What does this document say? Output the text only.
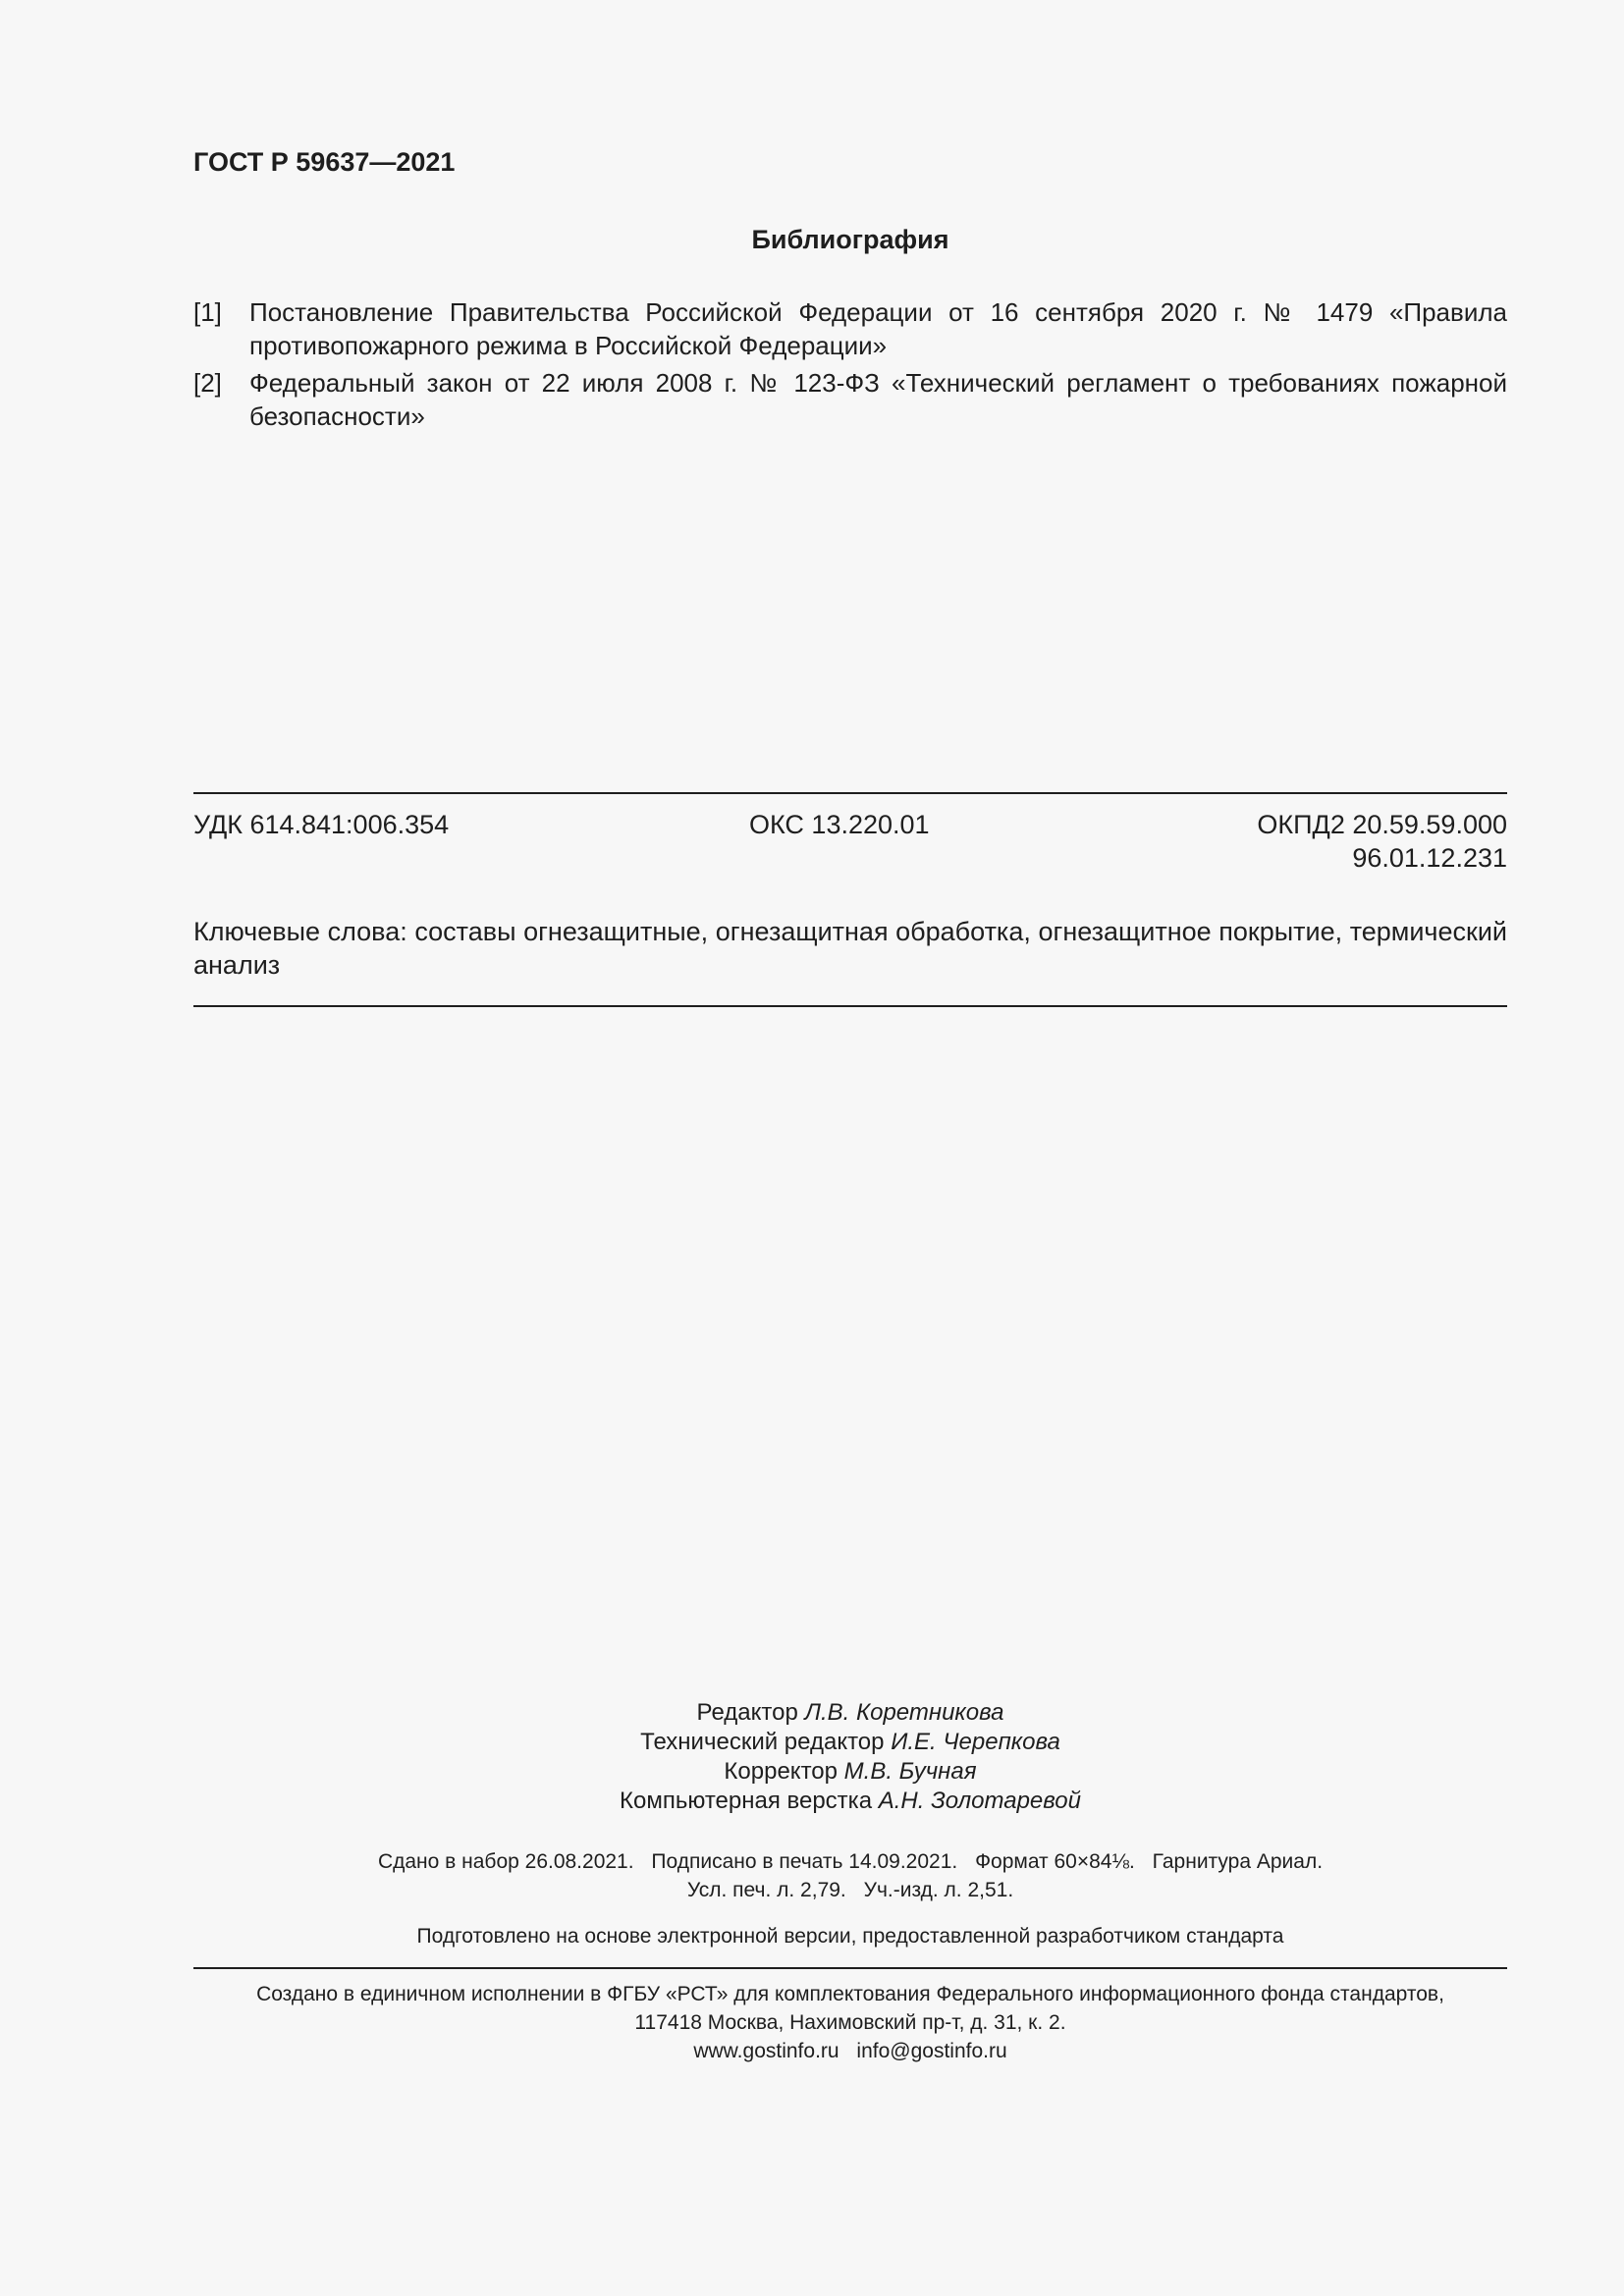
ГОСТ Р 59637—2021
Библиография
[1] Постановление Правительства Российской Федерации от 16 сентября 2020 г. № 1479 «Правила противопожарного режима в Российской Федерации»
[2] Федеральный закон от 22 июля 2008 г. № 123-ФЗ «Технический регламент о требованиях пожарной безопасности»
УДК 614.841:006.354	ОКС 13.220.01	ОКПД2 20.59.59.000
96.01.12.231
Ключевые слова: составы огнезащитные, огнезащитная обработка, огнезащитное покрытие, термический анализ
Редактор Л.В. Коретникова
Технический редактор И.Е. Черепкова
Корректор М.В. Бучная
Компьютерная верстка А.Н. Золотаревой
Сдано в набор 26.08.2021. Подписано в печать 14.09.2021. Формат 60×84⅛. Гарнитура Ариал.
Усл. печ. л. 2,79. Уч.-изд. л. 2,51.
Подготовлено на основе электронной версии, предоставленной разработчиком стандарта
Создано в единичном исполнении в ФГБУ «РСТ» для комплектования Федерального информационного фонда стандартов,
117418 Москва, Нахимовский пр-т, д. 31, к. 2.
www.gostinfo.ru info@gostinfo.ru
